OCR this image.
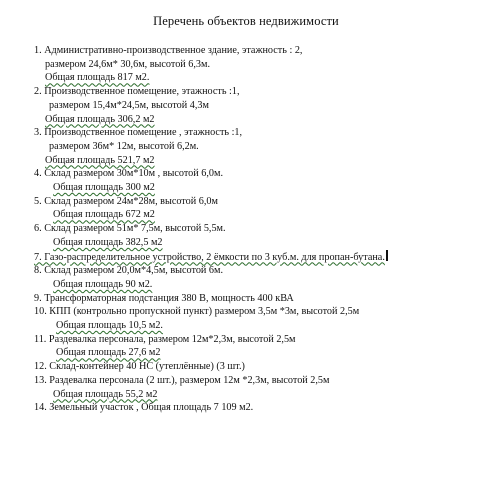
Перечень объектов недвижимости
1. Административно-производственное здание, этажность : 2,
размером 24,6м* 30,6м, высотой 6,3м.
Общая площадь 817 м2.
2. Производственное помещение, этажность :1,
размером 15,4м*24,5м, высотой 4,3м
Общая площадь 306,2 м2
3. Производственное помещение , этажность :1,
размером 36м* 12м, высотой 6,2м.
Общая площадь 521,7 м2
4. Склад размером 30м*10м , высотой 6,0м.
Общая площадь 300 м2
5. Склад размером 24м*28м, высотой 6,0м
Общая площадь 672 м2
6. Склад размером 51м* 7,5м, высотой 5,5м.
Общая площадь 382,5 м2
7. Газо-распределительное устройство, 2 ёмкости по 3 куб.м. для пропан-бутана.
8. Склад размером 20,0м*4,5м, высотой 6м.
Общая площадь 90 м2.
9. Трансформаторная подстанция 380 В, мощность 400 кВА
10. КПП (контрольно пропускной пункт) размером 3,5м *3м, высотой 2,5м
Общая площадь 10,5 м2.
11. Раздевалка персонала, размером 12м*2,3м, высотой 2,5м
Общая площадь 27,6 м2
12. Склад-контейнер 40 НС (утеплённые) (3 шт.)
13. Раздевалка персонала (2 шт.), размером 12м *2,3м, высотой 2,5м
Общая площадь 55,2 м2
14. Земельный участок , Общая площадь 7 109 м2.
